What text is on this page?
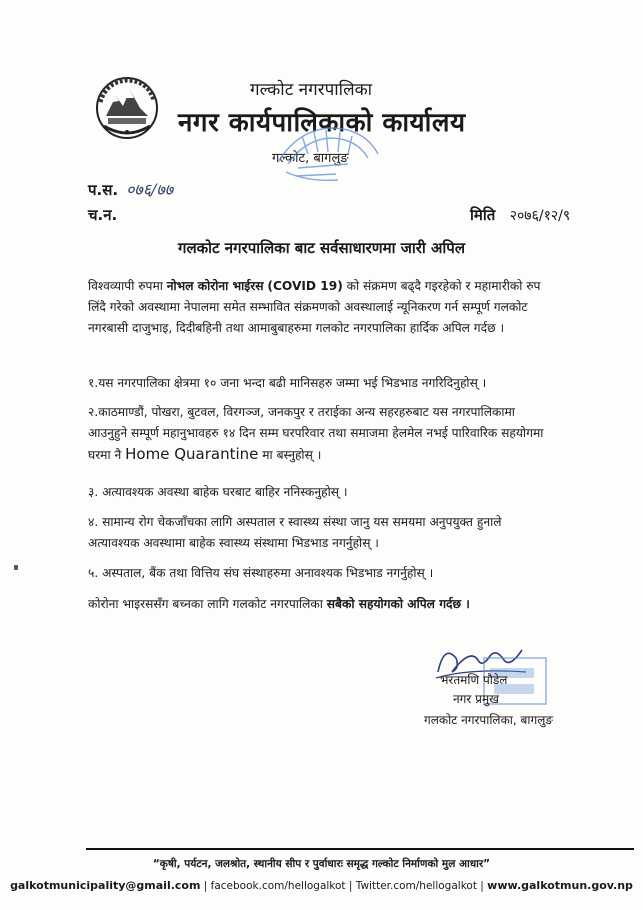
गल्कोट नगरपालिका
नगर कार्यपालिकाको कार्यालय
गल्कोट, बागलुङ
प.स. ०७६/७७
च.न.	मिति २०७६/१२/९
गलकोट नगरपालिका बाट सर्वसाधारणमा जारी अपिल
विश्वव्यापी रुपमा नोभल कोरोना भाईरस (COVID 19) को संक्रमण बढ्दै गइरहेको र महामारीको रुप लिंदै गरेको अवस्थामा नेपालमा समेत सम्भावित संक्रमणको अवस्थालाई न्यूनिकरण गर्न सम्पूर्ण गलकोट नगरबासी दाजुभाइ, दिदीबहिनी तथा आमाबुबाहरुमा गलकोट नगरपालिका हार्दिक अपिल गर्दछ ।
१.यस नगरपालिका क्षेत्रमा १० जना भन्दा बढी मानिसहरु जम्मा भई भिडभाड नगरिदिनुहोस् ।
२.काठमाण्डौं, पोखरा, बुटवल, विरगञ्ज, जनकपुर र तराईका अन्य सहरहरुबाट यस नगरपालिकामा आउनुहुने सम्पूर्ण महानुभावहरु १४ दिन सम्म घरपरिवार तथा समाजमा हेलमेल नभई पारिवारिक सहयोगमा घरमा नै Home Quarantine मा बस्नुहोस् ।
३. अत्यावश्यक अवस्था बाहेक घरबाट बाहिर ननिस्कनुहोस् ।
४. सामान्य रोग चेकजाँचका लागि अस्पताल र स्वास्थ्य संस्था जानु यस समयमा अनुपयुक्त हुनाले अत्यावश्यक अवस्थामा बाहेक स्वास्थ्य संस्थामा भिडभाड नगर्नुहोस् ।
५. अस्पताल, बैंक तथा वित्तिय संघ संस्थाहरुमा अनावश्यक भिडभाड नगर्नुहोस् ।
कोरोना भाइरससँग बच्नका लागि गलकोट नगरपालिका सबैको सहयोगको अपिल गर्दछ ।
भरतमणि पौडेल
नगर प्रमुख
गलकोट नगरपालिका, बागलुङ
“कृषी, पर्यटन, जलश्रोत, स्थानीय सीप र पुर्वाधारः समृद्ध गल्कोट निर्माणको मुल आधार”
galkotmunicipality@gmail.com | facebook.com/hellogalkot | Twitter.com/hellogalkot | www.galkotmun.gov.np
